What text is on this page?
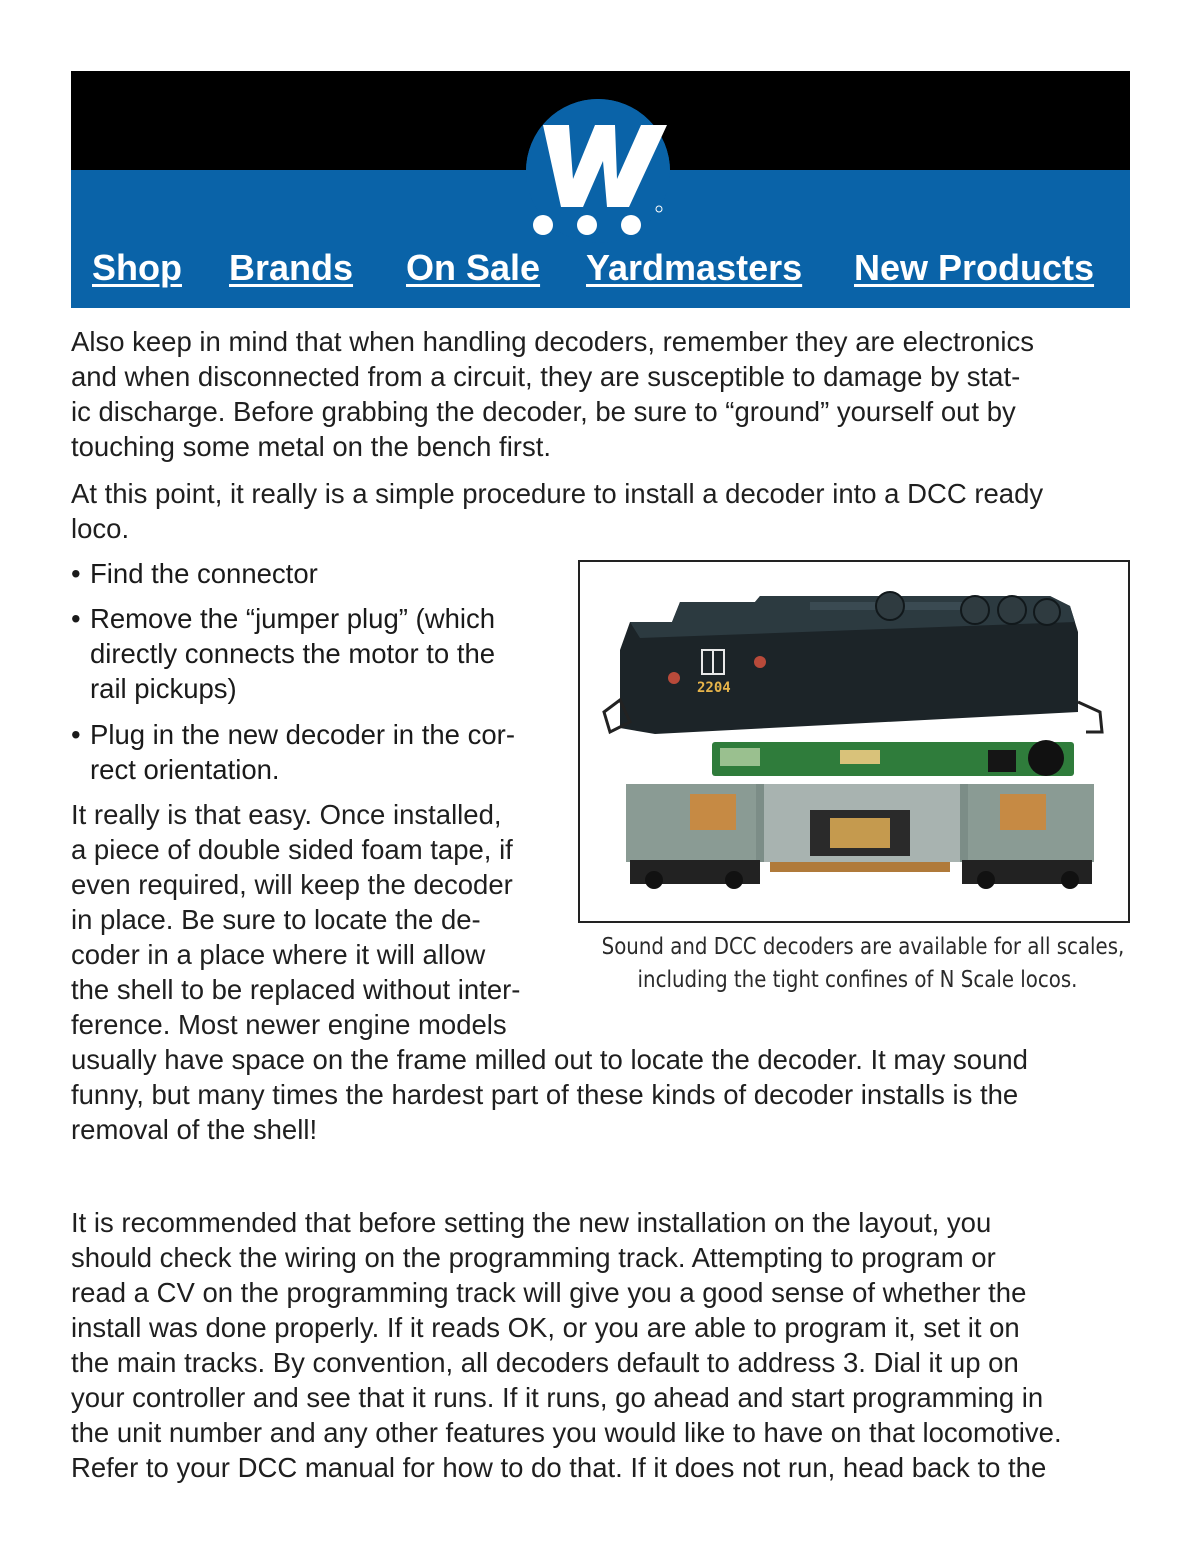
Shop Brands On Sale Yardmasters New Products
Also keep in mind that when handling decoders, remember they are electronics
and when disconnected from a circuit, they are susceptible to damage by stat-
ic discharge. Before grabbing the decoder, be sure to “ground” yourself out by
touching some metal on the bench first.
At this point, it really is a simple procedure to install a decoder into a DCC ready
loco.
• Find the connector
• Remove the “jumper plug” (which
directly connects the motor to the
rail pickups)
• Plug in the new decoder in the cor-
rect orientation.
It really is that easy. Once installed,
a piece of double sided foam tape, if
even required, will keep the decoder
in place. Be sure to locate the de-
coder in a place where it will allow
the shell to be replaced without inter-
ference. Most newer engine models
usually have space on the frame milled out to locate the decoder. It may sound
funny, but many times the hardest part of these kinds of decoder installs is the
removal of the shell!
It is recommended that before setting the new installation on the layout, you
should check the wiring on the programming track. Attempting to program or
read a CV on the programming track will give you a good sense of whether the
install was done properly. If it reads OK, or you are able to program it, set it on
the main tracks. By convention, all decoders default to address 3. Dial it up on
your controller and see that it runs. If it runs, go ahead and start programming in
the unit number and any other features you would like to have on that locomotive.
Refer to your DCC manual for how to do that. If it does not run, head back to the
2204
Sound and DCC decoders are available for all scales,
including the tight confines of N Scale locos.
